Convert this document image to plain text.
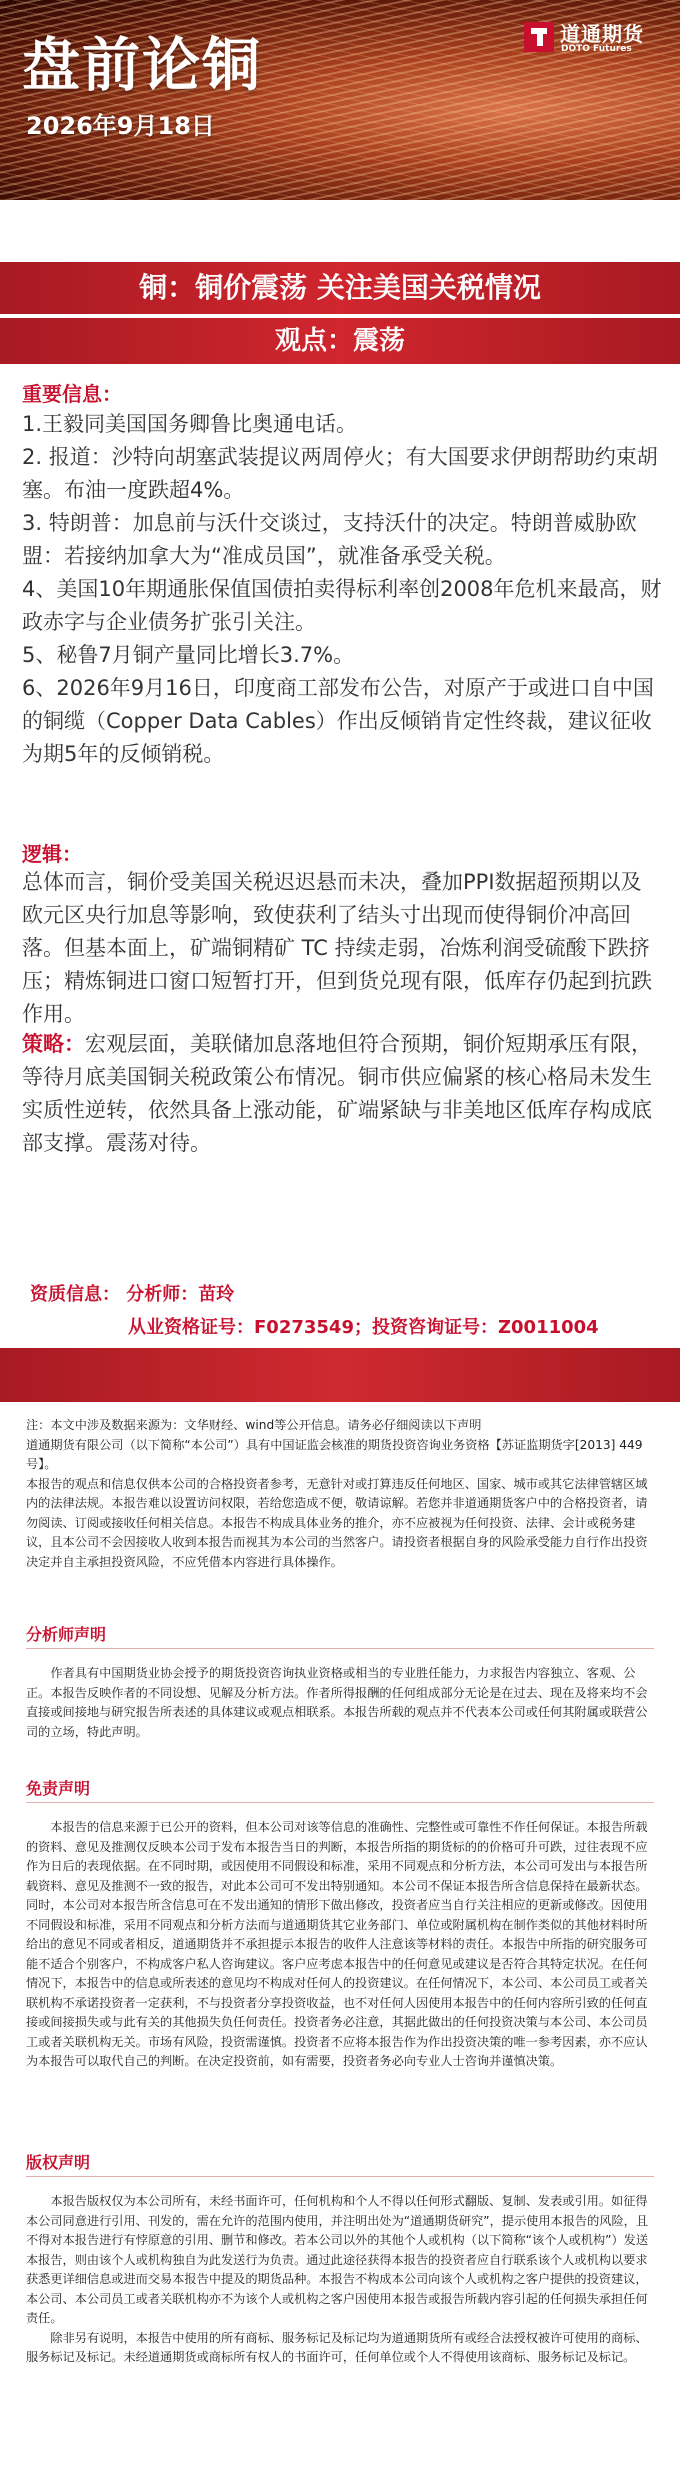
盘前论铜
2026年9月18日
道通期货
DOTO Futures
铜：铜价震荡 关注美国关税情况
观点：震荡
重要信息：

1.王毅同美国国务卿鲁比奥通电话。

2. 报道：沙特向胡塞武装提议两周停火；有大国要求伊朗帮助约束胡塞。布油一度跌超4%。

3. 特朗普：加息前与沃什交谈过，支持沃什的决定。特朗普威胁欧盟：若接纳加拿大为“准成员国”，就准备承受关税。

4、美国10年期通胀保值国债拍卖得标利率创2008年危机来最高，财政赤字与企业债务扩张引关注。

5、秘鲁7月铜产量同比增长3.7%。

6、2026年9月16日，印度商工部发布公告，对原产于或进口自中国的铜缆（Copper Data Cables）作出反倾销肯定性终裁，建议征收为期5年的反倾销税。

逻辑：
总体而言，铜价受美国关税迟迟悬而未决，叠加PPI数据超预期以及欧元区央行加息等影响，致使获利了结头寸出现而使得铜价冲高回落。但基本面上，矿端铜精矿 TC 持续走弱，冶炼利润受硫酸下跌挤压；精炼铜进口窗口短暂打开，但到货兑现有限，低库存仍起到抗跌作用。
策略：宏观层面，美联储加息落地但符合预期，铜价短期承压有限，等待月底美国铜关税政策公布情况。铜市供应偏紧的核心格局未发生实质性逆转，依然具备上涨动能，矿端紧缺与非美地区低库存构成底部支撑。震荡对待。
资质信息： 分析师：苗玲
从业资格证号：F0273549；投资咨询证号：Z0011004

注：本文中涉及数据来源为：文华财经、wind等公开信息。请务必仔细阅读以下声明

道通期货有限公司（以下简称“本公司”）具有中国证监会核准的期货投资咨询业务资格【苏证监期货字[2013] 449号】。

本报告的观点和信息仅供本公司的合格投资者参考，无意针对或打算违反任何地区、国家、城市或其它法律管辖区域内的法律法规。本报告难以设置访问权限，若给您造成不便，敬请谅解。若您并非道通期货客户中的合格投资者，请勿阅读、订阅或接收任何相关信息。本报告不构成具体业务的推介，亦不应被视为任何投资、法律、会计或税务建议，且本公司不会因接收人收到本报告而视其为本公司的当然客户。请投资者根据自身的风险承受能力自行作出投资决定并自主承担投资风险，不应凭借本内容进行具体操作。

分析师声明

作者具有中国期货业协会授予的期货投资咨询执业资格或相当的专业胜任能力，力求报告内容独立、客观、公正。本报告反映作者的不同设想、见解及分析方法。作者所得报酬的任何组成部分无论是在过去、现在及将来均不会直接或间接地与研究报告所表述的具体建议或观点相联系。本报告所载的观点并不代表本公司或任何其附属或联营公司的立场，特此声明。

免责声明

本报告的信息来源于已公开的资料，但本公司对该等信息的准确性、完整性或可靠性不作任何保证。本报告所载的资料、意见及推测仅反映本公司于发布本报告当日的判断，本报告所指的期货标的的价格可升可跌，过往表现不应作为日后的表现依据。在不同时期，或因使用不同假设和标准，采用不同观点和分析方法，本公司可发出与本报告所载资料、意见及推测不一致的报告，对此本公司可不发出特别通知。本公司不保证本报告所含信息保持在最新状态。同时，本公司对本报告所含信息可在不发出通知的情形下做出修改，投资者应当自行关注相应的更新或修改。因使用不同假设和标准，采用不同观点和分析方法而与道通期货其它业务部门、单位或附属机构在制作类似的其他材料时所给出的意见不同或者相反，道通期货并不承担提示本报告的收件人注意该等材料的责任。本报告中所指的研究服务可能不适合个别客户，不构成客户私人咨询建议。客户应考虑本报告中的任何意见或建议是否符合其特定状况。在任何情况下，本报告中的信息或所表述的意见均不构成对任何人的投资建议。在任何情况下，本公司、本公司员工或者关联机构不承诺投资者一定获利，不与投资者分享投资收益，也不对任何人因使用本报告中的任何内容所引致的任何直接或间接损失或与此有关的其他损失负任何责任。投资者务必注意，其据此做出的任何投资决策与本公司、本公司员工或者关联机构无关。市场有风险，投资需谨慎。投资者不应将本报告作为作出投资决策的唯一参考因素，亦不应认为本报告可以取代自己的判断。在决定投资前，如有需要，投资者务必向专业人士咨询并谨慎决策。

版权声明

本报告版权仅为本公司所有，未经书面许可，任何机构和个人不得以任何形式翻版、复制、发表或引用。如征得本公司同意进行引用、刊发的，需在允许的范围内使用，并注明出处为“道通期货研究”，提示使用本报告的风险，且不得对本报告进行有悖原意的引用、删节和修改。若本公司以外的其他个人或机构（以下简称“该个人或机构”）发送本报告，则由该个人或机构独自为此发送行为负责。通过此途径获得本报告的投资者应自行联系该个人或机构以要求获悉更详细信息或进而交易本报告中提及的期货品种。本报告不构成本公司向该个人或机构之客户提供的投资建议，本公司、本公司员工或者关联机构亦不为该个人或机构之客户因使用本报告或报告所载内容引起的任何损失承担任何责任。

除非另有说明，本报告中使用的所有商标、服务标记及标记均为道通期货所有或经合法授权被许可使用的商标、服务标记及标记。未经道通期货或商标所有权人的书面许可，任何单位或个人不得使用该商标、服务标记及标记。
